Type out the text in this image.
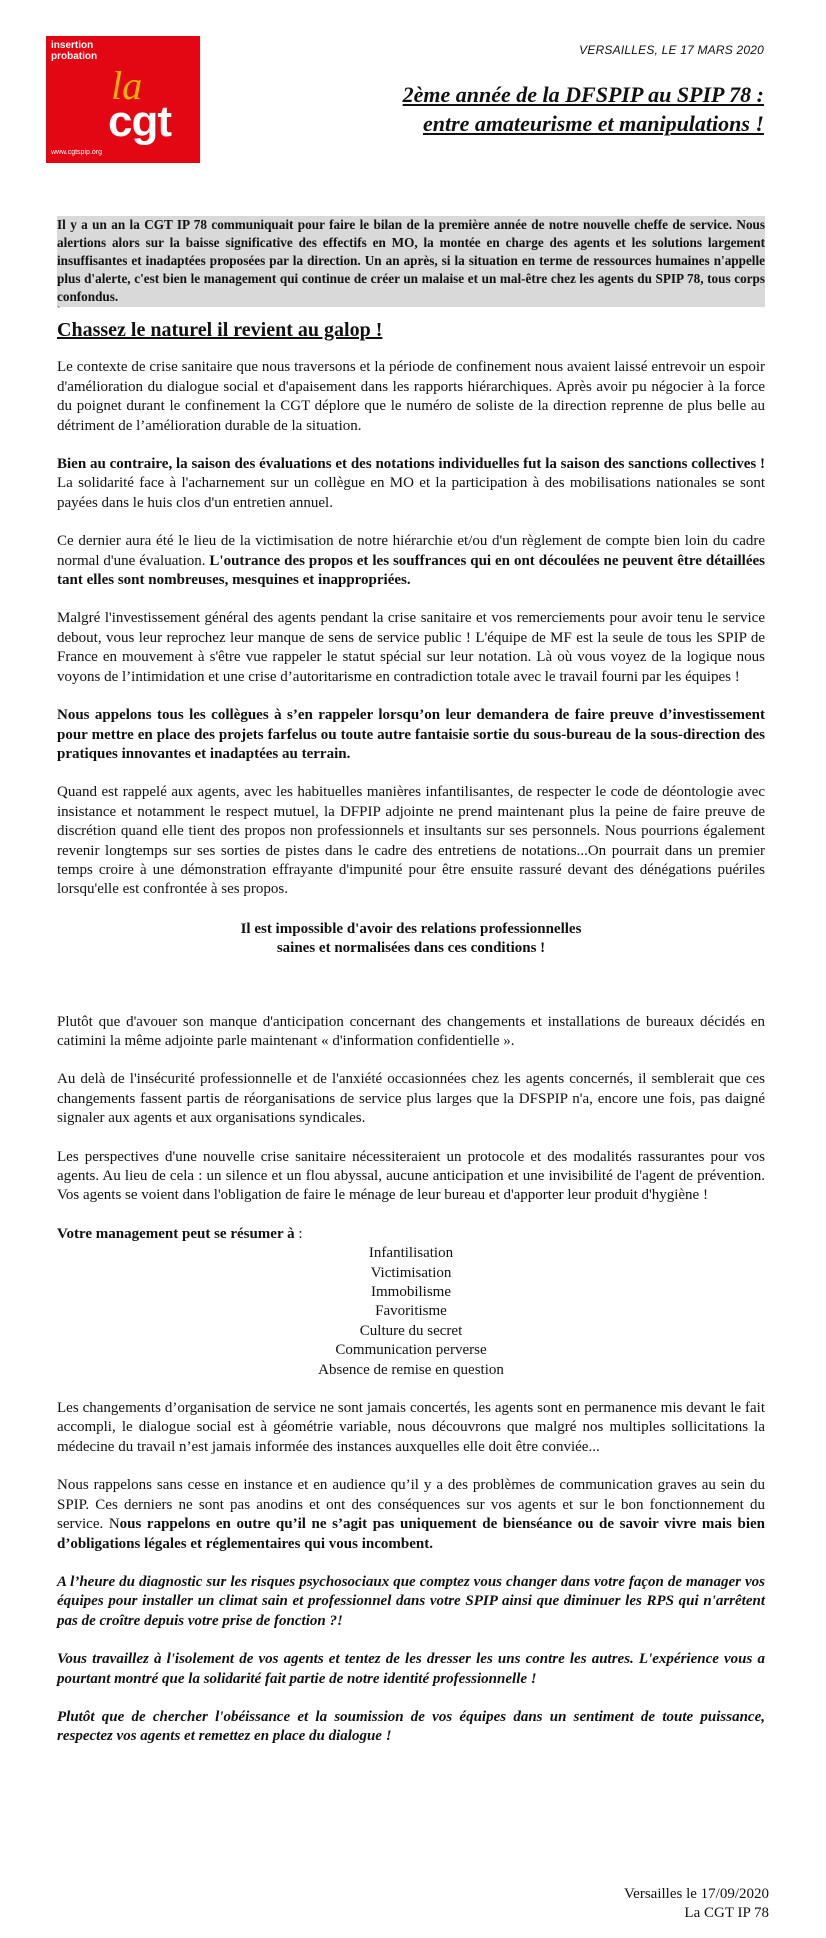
insertion
probation
la
cgt
www.cgtspip.org
VERSAILLES, LE 17 MARS 2020
2ème année de la DFSPIP au SPIP 78 :
entre amateurisme et manipulations !
Il y a un an la CGT IP 78 communiquait pour faire le bilan de la première année de notre nouvelle cheffe de service. Nous alertions alors sur la baisse significative des effectifs en MO, la montée en charge des agents et les solutions largement insuffisantes et inadaptées proposées par la direction. Un an après, si la situation en terme de ressources humaines n'appelle plus d'alerte, c'est bien le management qui continue de créer un malaise et un mal-être chez les agents du SPIP 78, tous corps confondus.
`
Chassez le naturel il revient au galop !

Le contexte de crise sanitaire que nous traversons et la période de confinement nous avaient laissé entrevoir un espoir d'amélioration du dialogue social et d'apaisement dans les rapports hiérarchiques. Après avoir pu négocier à la force du poignet durant le confinement la CGT déplore que le numéro de soliste de la direction reprenne de plus belle au détriment de l’amélioration durable de la situation.

Bien au contraire, la saison des évaluations et des notations individuelles fut la saison des sanctions collectives ! La solidarité face à l'acharnement sur un collègue en MO et la participation à des mobilisations nationales se sont payées dans le huis clos d'un entretien annuel.

Ce dernier aura été le lieu de la victimisation de notre hiérarchie et/ou d'un règlement de compte bien loin du cadre normal d'une évaluation. L'outrance des propos et les souffrances qui en ont découlées ne peuvent être détaillées tant elles sont nombreuses, mesquines et inappropriées.

Malgré l'investissement général des agents pendant la crise sanitaire et vos remerciements pour avoir tenu le service debout, vous leur reprochez leur manque de sens de service public ! L'équipe de MF est la seule de tous les SPIP de France en mouvement à s'être vue rappeler le statut spécial sur leur notation. Là où vous voyez de la logique nous voyons de l’intimidation et une crise d’autoritarisme en contradiction totale avec le travail fourni par les équipes !

Nous appelons tous les collègues à s’en rappeler lorsqu’on leur demandera de faire preuve d’investissement pour mettre en place des projets farfelus ou toute autre fantaisie sortie du sous-bureau de la sous-direction des pratiques innovantes et inadaptées au terrain.

Quand est rappelé aux agents, avec les habituelles manières infantilisantes, de respecter le code de déontologie avec insistance et notamment le respect mutuel, la DFPIP adjointe ne prend maintenant plus la peine de faire preuve de discrétion quand elle tient des propos non professionnels et insultants sur ses personnels. Nous pourrions également revenir longtemps sur ses sorties de pistes dans le cadre des entretiens de notations...On pourrait dans un premier temps croire à une démonstration effrayante d'impunité pour être ensuite rassuré devant des dénégations puériles lorsqu'elle est confrontée à ses propos.

Il est impossible d'avoir des relations professionnelles
saines et normalisées dans ces conditions !

Plutôt que d'avouer son manque d'anticipation concernant des changements et installations de bureaux décidés en catimini la même adjointe parle maintenant « d'information confidentielle ».

Au delà de l'insécurité professionnelle et de l'anxiété occasionnées chez les agents concernés, il semblerait que ces changements fassent partis de réorganisations de service plus larges que la DFSPIP n'a, encore une fois, pas daigné signaler aux agents et aux organisations syndicales.

Les perspectives d'une nouvelle crise sanitaire nécessiteraient un protocole et des modalités rassurantes pour vos agents. Au lieu de cela : un silence et un flou abyssal, aucune anticipation et une invisibilité de l'agent de prévention. Vos agents se voient dans l'obligation de faire le ménage de leur bureau et d'apporter leur produit d'hygiène !

Votre management peut se résumer à :

Infantilisation
Victimisation
Immobilisme
Favoritisme
Culture du secret
Communication perverse
Absence de remise en question

Les changements d’organisation de service ne sont jamais concertés, les agents sont en permanence mis devant le fait accompli, le dialogue social est à géométrie variable, nous découvrons que malgré nos multiples sollicitations la médecine du travail n’est jamais informée des instances auxquelles elle doit être conviée...

Nous rappelons sans cesse en instance et en audience qu’il y a des problèmes de communication graves au sein du SPIP. Ces derniers ne sont pas anodins et ont des conséquences sur vos agents et sur le bon fonctionnement du service. Nous rappelons en outre qu’il ne s’agit pas uniquement de bienséance ou de savoir vivre mais bien d’obligations légales et réglementaires qui vous incombent.

A l’heure du diagnostic sur les risques psychosociaux que comptez vous changer dans votre façon de manager vos équipes pour installer un climat sain et professionnel dans votre SPIP ainsi que diminuer les RPS qui n'arrêtent pas de croître depuis votre prise de fonction ?!

Vous travaillez à l'isolement de vos agents et tentez de les dresser les uns contre les autres. L'expérience vous a pourtant montré que la solidarité fait partie de notre identité professionnelle !

Plutôt que de chercher l'obéissance et la soumission de vos équipes dans un sentiment de toute puissance, respectez vos agents et remettez en place du dialogue !

Versailles le 17/09/2020
La CGT IP 78
